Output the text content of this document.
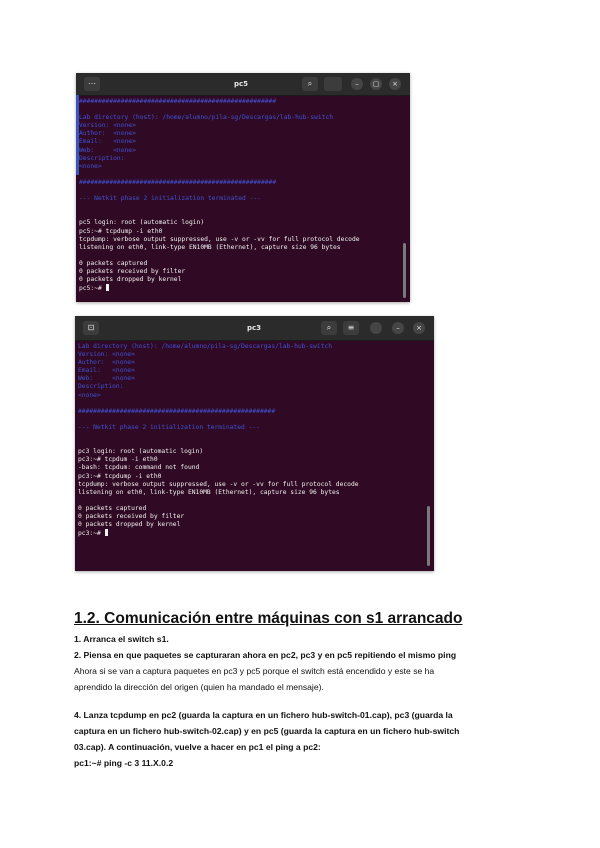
⋯	pc5	⌕	–	▢	×
####################################################
Lab directory (host): /home/alumno/pila-sg/Descargas/lab-hub-switch
Version: <none>
Author:  <none>
Email:   <none>
Web:     <none>
Description:
<none>
####################################################
--- Netkit phase 2 initialization terminated ---
pc5 login: root (automatic login)
pc5:~# tcpdump -i eth0
tcpdump: verbose output suppressed, use -v or -vv for full protocol decode
listening on eth0, link-type EN10MB (Ethernet), capture size 96 bytes
0 packets captured
0 packets received by filter
0 packets dropped by kernel
pc5:~#
⊡	pc3	⌕	≡	–	×
Lab directory (host): /home/alumno/pila-sg/Descargas/lab-hub-switch
Version: <none>
Author:  <none>
Email:   <none>
Web:     <none>
Description:
<none>
####################################################
--- Netkit phase 2 initialization terminated ---
pc3 login: root (automatic login)
pc3:~# tcpdum -i eth0
-bash: tcpdum: command not found
pc3:~# tcpdump -i eth0
tcpdump: verbose output suppressed, use -v or -vv for full protocol decode
listening on eth0, link-type EN10MB (Ethernet), capture size 96 bytes
0 packets captured
0 packets received by filter
0 packets dropped by kernel
pc3:~#
1.2. Comunicación entre máquinas con s1 arrancado
1. Arranca el switch s1.
2. Piensa en que paquetes se capturaran ahora en pc2, pc3 y en pc5 repitiendo el mismo ping
Ahora si se van a captura paquetes en pc3 y pc5 porque el switch está encendido y este se ha
aprendido la dirección del origen (quien ha mandado el mensaje).
4. Lanza tcpdump en pc2 (guarda la captura en un fichero hub-switch-01.cap), pc3 (guarda la
captura en un fichero hub-switch-02.cap) y en pc5 (guarda la captura en un fichero hub-switch
03.cap). A continuación, vuelve a hacer en pc1 el ping a pc2:
pc1:~# ping -c 3 11.X.0.2
